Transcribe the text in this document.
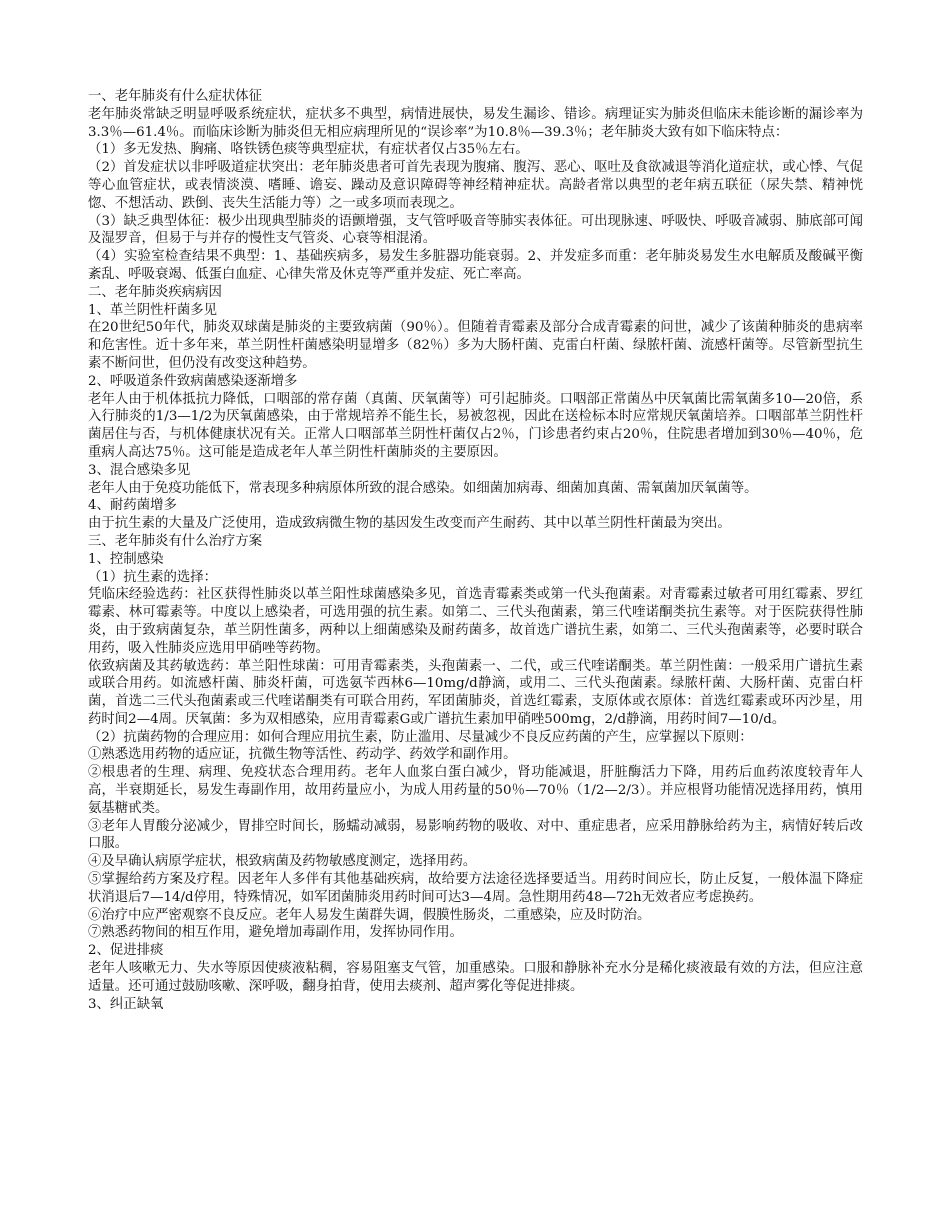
一、老年肺炎有什么症状体征

老年肺炎常缺乏明显呼吸系统症状，症状多不典型，病情进展快，易发生漏诊、错诊。病理证实为肺炎但临床未能诊断的漏诊率为3.3％—61.4％。而临床诊断为肺炎但无相应病理所见的“误诊率”为10.8％—39.3％；老年肺炎大致有如下临床特点：

（1）多无发热、胸痛、咯铁锈色痰等典型症状，有症状者仅占35％左右。

（2）首发症状以非呼吸道症状突出：老年肺炎患者可首先表现为腹痛、腹泻、恶心、呕吐及食欲减退等消化道症状，或心悸、气促等心血管症状，或表情淡漠、嗜睡、谵妄、躁动及意识障碍等神经精神症状。高龄者常以典型的老年病五联征（尿失禁、精神恍惚、不想活动、跌倒、丧失生活能力等）之一或多项而表现之。

（3）缺乏典型体征：极少出现典型肺炎的语颤增强，支气管呼吸音等肺实表体征。可出现脉速、呼吸快、呼吸音减弱、肺底部可闻及湿罗音，但易于与并存的慢性支气管炎、心衰等相混淆。

（4）实验室检查结果不典型：1、基础疾病多，易发生多脏器功能衰弱。2、并发症多而重：老年肺炎易发生水电解质及酸碱平衡紊乱、呼吸衰竭、低蛋白血症、心律失常及休克等严重并发症、死亡率高。

二、老年肺炎疾病病因

1、革兰阴性杆菌多见

在20世纪50年代，肺炎双球菌是肺炎的主要致病菌（90％）。但随着青霉素及部分合成青霉素的问世，减少了该菌种肺炎的患病率和危害性。近十多年来，革兰阴性杆菌感染明显增多（82％）多为大肠杆菌、克雷白杆菌、绿脓杆菌、流感杆菌等。尽管新型抗生素不断问世，但仍没有改变这种趋势。

2、呼吸道条件致病菌感染逐渐增多

老年人由于机体抵抗力降低，口咽部的常存菌（真菌、厌氧菌等）可引起肺炎。口咽部正常菌丛中厌氧菌比需氧菌多10—20倍，系入行肺炎的1/3—1/2为厌氧菌感染，由于常规培养不能生长，易被忽视，因此在送检标本时应常规厌氧菌培养。口咽部革兰阴性杆菌居住与否，与机体健康状况有关。正常人口咽部革兰阴性杆菌仅占2％，门诊患者约束占20％，住院患者增加到30％—40％，危重病人高达75％。这可能是造成老年人革兰阴性杆菌肺炎的主要原因。

3、混合感染多见

老年人由于免疫功能低下，常表现多种病原体所致的混合感染。如细菌加病毒、细菌加真菌、需氧菌加厌氧菌等。

4、耐药菌增多

由于抗生素的大量及广泛使用，造成致病微生物的基因发生改变而产生耐药、其中以革兰阴性杆菌最为突出。

三、老年肺炎有什么治疗方案

1、控制感染

（1）抗生素的选择：

凭临床经验选药：社区获得性肺炎以革兰阳性球菌感染多见，首选青霉素类或第一代头孢菌素。对青霉素过敏者可用红霉素、罗红霉素、林可霉素等。中度以上感染者，可选用强的抗生素。如第二、三代头孢菌素，第三代喹诺酮类抗生素等。对于医院获得性肺炎，由于致病菌复杂，革兰阴性菌多，两种以上细菌感染及耐药菌多，故首选广谱抗生素，如第二、三代头孢菌素等，必要时联合用药，吸入性肺炎应选用甲硝唑等药物。

依致病菌及其药敏选药：革兰阳性球菌：可用青霉素类，头孢菌素一、二代，或三代喹诺酮类。革兰阴性菌：一般采用广谱抗生素或联合用药。如流感杆菌、肺炎杆菌，可选氨苄西林6—10mg/d静滴，或用二、三代头孢菌素。绿脓杆菌、大肠杆菌、克雷白杆菌，首选二三代头孢菌素或三代喹诺酮类有可联合用药，军团菌肺炎，首选红霉素，支原体或衣原体：首选红霉素或环丙沙星，用药时间2—4周。厌氧菌：多为双相感染，应用青霉素G或广谱抗生素加甲硝唑500mg，2/d静滴，用药时间7—10/d。

（2）抗菌药物的合理应用：如何合理应用抗生素，防止滥用、尽量减少不良反应药菌的产生，应掌握以下原则：

①熟悉选用药物的适应证，抗微生物等活性、药动学、药效学和副作用。

②根患者的生理、病理、免疫状态合理用药。老年人血浆白蛋白减少，肾功能减退，肝脏酶活力下降，用药后血药浓度较青年人高，半衰期延长，易发生毒副作用，故用药量应小，为成人用药量的50％—70％（1/2—2/3）。并应根肾功能情况选择用药，慎用氨基糖甙类。

③老年人胃酸分泌减少，胃排空时间长，肠蠕动减弱，易影响药物的吸收、对中、重症患者，应采用静脉给药为主，病情好转后改口服。

④及早确认病原学症状，根致病菌及药物敏感度测定，选择用药。

⑤掌握给药方案及疗程。因老年人多伴有其他基础疾病，故给要方法途径选择要适当。用药时间应长，防止反复，一般体温下降症状消退后7—14/d停用，特殊情况，如军团菌肺炎用药时间可达3—4周。急性期用药48—72h无效者应考虑换药。

⑥治疗中应严密观察不良反应。老年人易发生菌群失调，假膜性肠炎，二重感染，应及时防治。

⑦熟悉药物间的相互作用，避免增加毒副作用，发挥协同作用。

2、促进排痰

老年人咳嗽无力、失水等原因使痰液粘稠，容易阻塞支气管，加重感染。口服和静脉补充水分是稀化痰液最有效的方法，但应注意适量。还可通过鼓励咳嗽、深呼吸，翻身拍背，使用去痰剂、超声雾化等促进排痰。

3、纠正缺氧
